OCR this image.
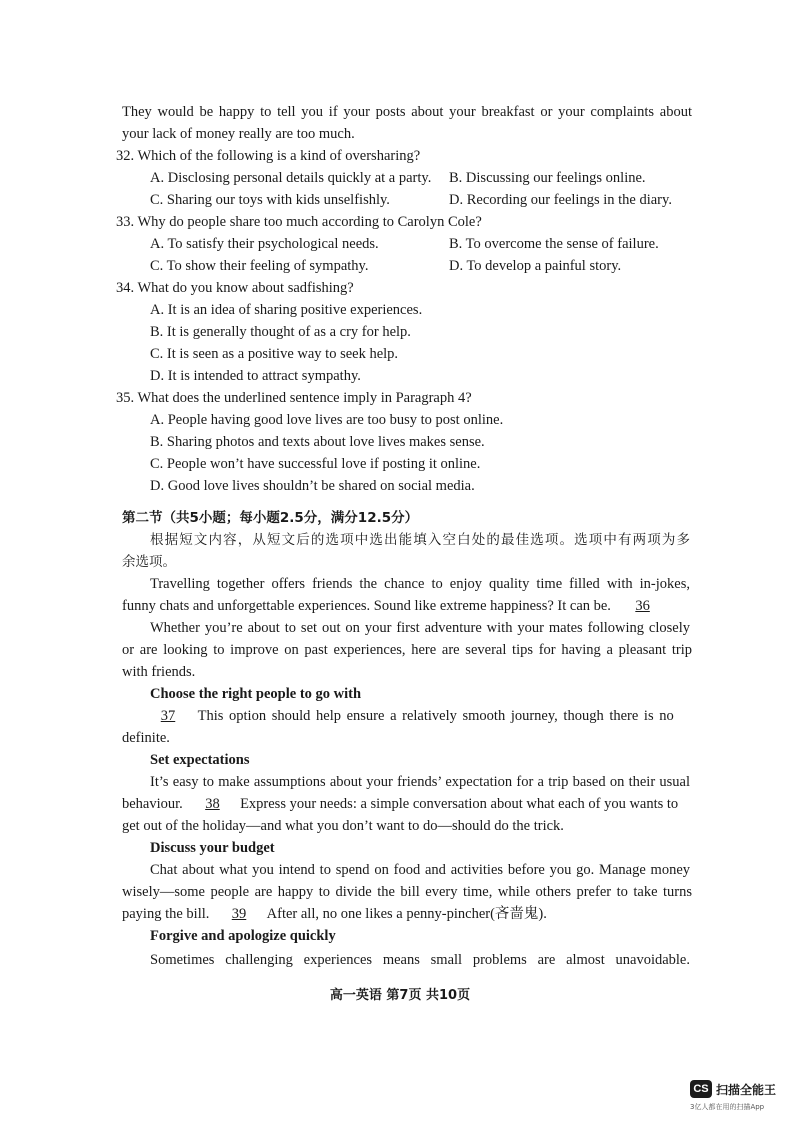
They would be happy to tell you if your posts about your breakfast or your complaints about
your lack of money really are too much.
32. Which of the following is a kind of oversharing?
A. Disclosing personal details quickly at a party. B. Discussing our feelings online.
C. Sharing our toys with kids unselfishly.	D. Recording our feelings in the diary.
33. Why do people share too much according to Carolyn Cole?
A. To satisfy their psychological needs.	B. To overcome the sense of failure.
C. To show their feeling of sympathy.	D. To develop a painful story.
34. What do you know about sadfishing?
A. It is an idea of sharing positive experiences.
B. It is generally thought of as a cry for help.
C. It is seen as a positive way to seek help.
D. It is intended to attract sympathy.
35. What does the underlined sentence imply in Paragraph 4?
A. People having good love lives are too busy to post online.
B. Sharing photos and texts about love lives makes sense.
C. People won’t have successful love if posting it online.
D. Good love lives shouldn’t be shared on social media.
第二节（共5小题；每小题2.5分，满分12.5分）
根据短文内容，从短文后的选项中选出能填入空白处的最佳选项。选项中有两项为多
余选项。
Travelling together offers friends the chance to enjoy quality time filled with in-jokes,
funny chats and unforgettable experiences. Sound like extreme happiness? It can be. 36
Whether you’re about to set out on your first adventure with your mates following closely
or are looking to improve on past experiences, here are several tips for having a pleasant trip
with friends.
Choose the right people to go with
37 This option should help ensure a relatively smooth journey, though there is no
definite.
Set expectations
It’s easy to make assumptions about your friends’ expectation for a trip based on their usual
behaviour. 38 Express your needs: a simple conversation about what each of you wants to
get out of the holiday—and what you don’t want to do—should do the trick.
Discuss your budget
Chat about what you intend to spend on food and activities before you go. Manage money
wisely—some people are happy to divide the bill every time, while others prefer to take turns
paying the bill. 39 After all, no one likes a penny-pincher(吝啬鬼).
Forgive and apologize quickly
Sometimes challenging experiences means small problems are almost unavoidable.
高一英语 第7页 共10页
CS 扫描全能王
3亿人都在用的扫描App
